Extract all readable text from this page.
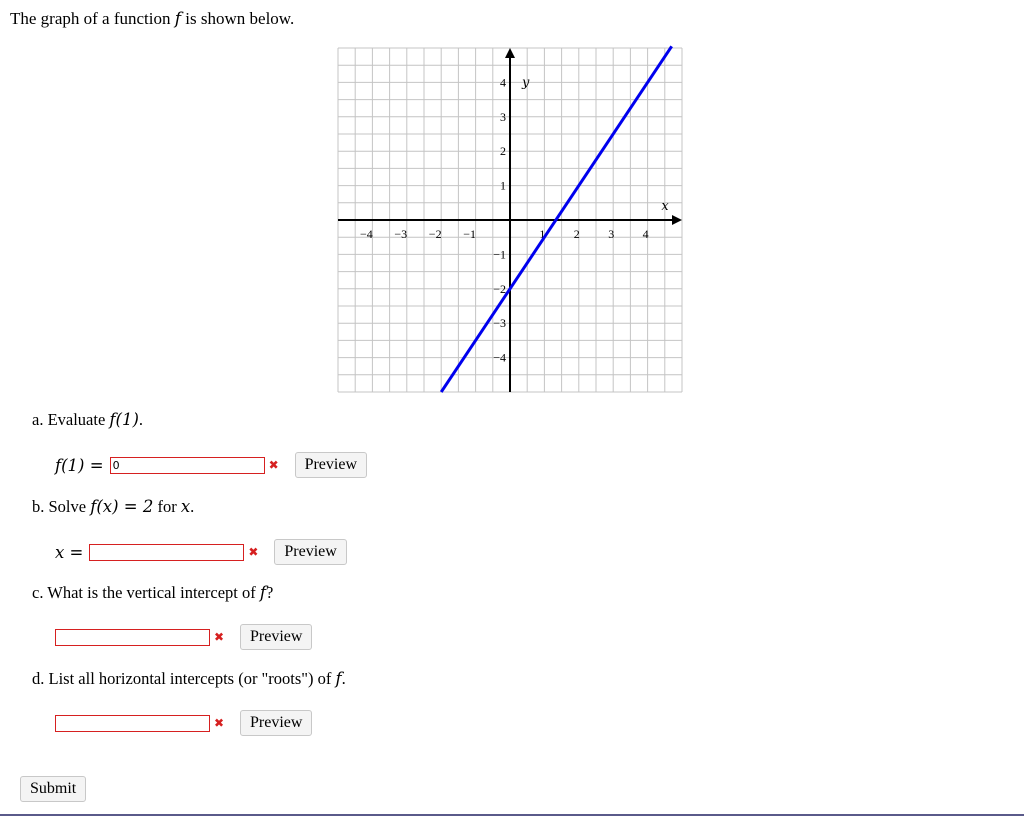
The graph of a function f is shown below.
−4 −3 −2 −1	1 2 3 4
4
3
2
1
−1
−2
−3
−4
x
y
a. Evaluate f(1).
f(1) =
0	✖	Preview
b. Solve f(x) = 2 for x.
x =	✖	Preview
c. What is the vertical intercept of f?
✖	Preview
d. List all horizontal intercepts (or "roots") of f.
✖	Preview
Submit
